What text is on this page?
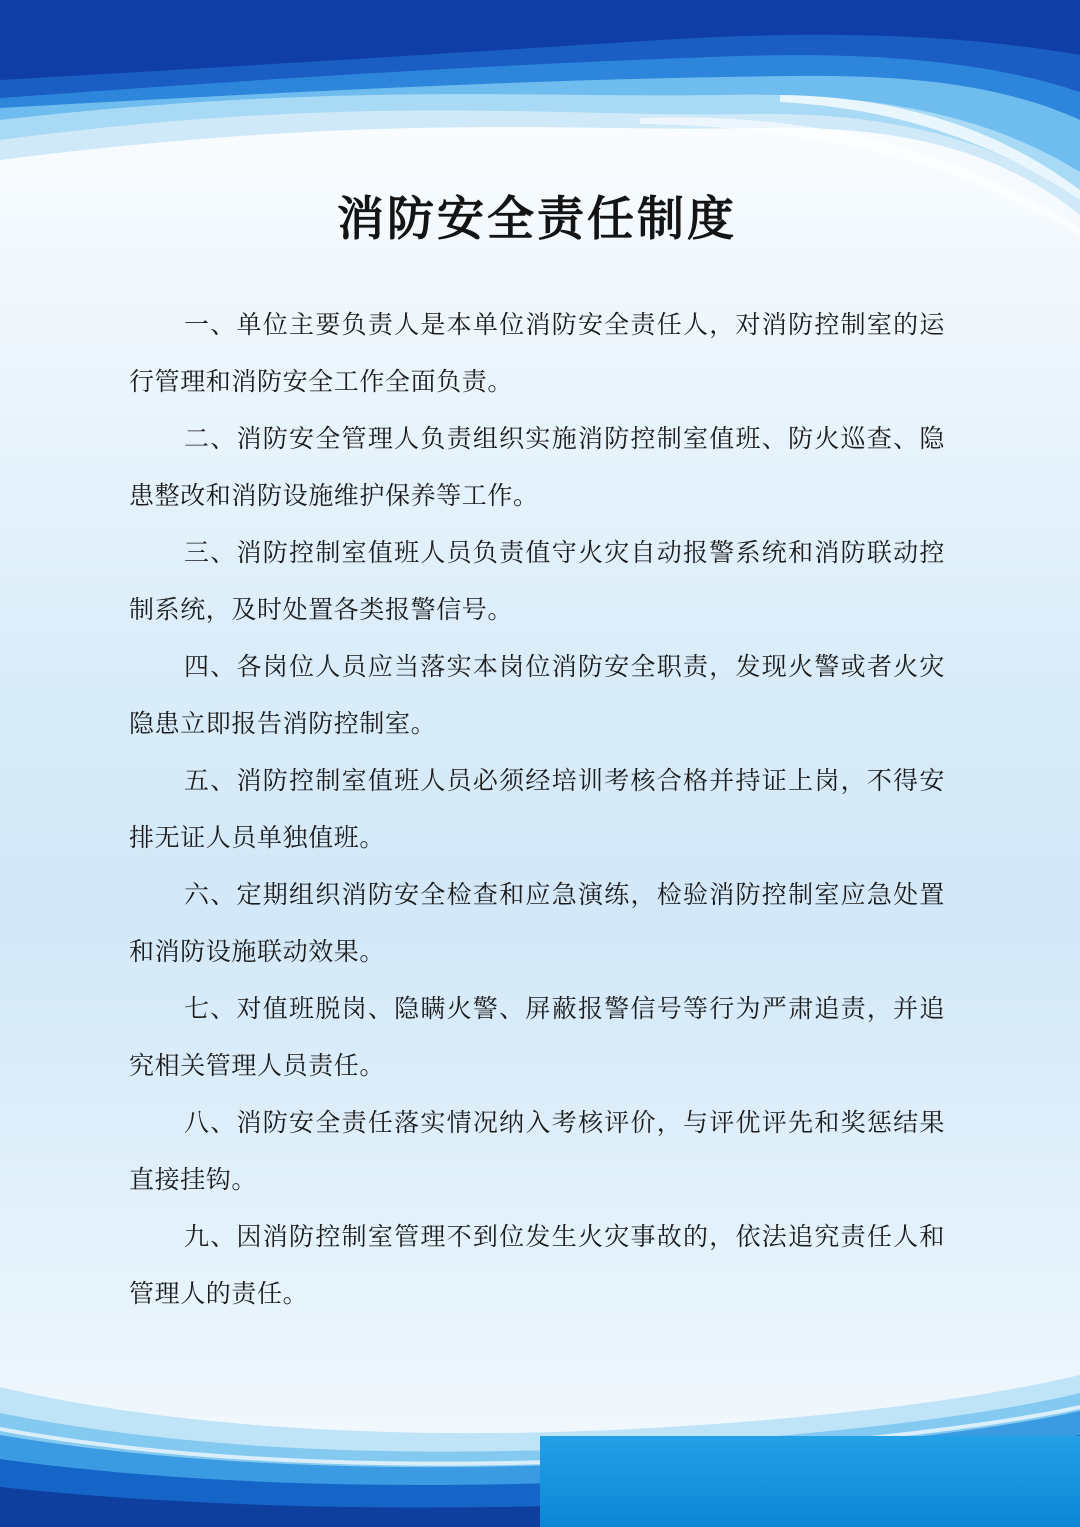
消防安全责任制度

一、单位主要负责人是本单位消防安全责任人，对消防控制室的运行管理和消防安全工作全面负责。

二、消防安全管理人负责组织实施消防控制室值班、防火巡查、隐患整改和消防设施维护保养等工作。

三、消防控制室值班人员负责值守火灾自动报警系统和消防联动控制系统，及时处置各类报警信号。

四、各岗位人员应当落实本岗位消防安全职责，发现火警或者火灾隐患立即报告消防控制室。

五、消防控制室值班人员必须经培训考核合格并持证上岗，不得安排无证人员单独值班。

六、定期组织消防安全检查和应急演练，检验消防控制室应急处置和消防设施联动效果。

七、对值班脱岗、隐瞒火警、屏蔽报警信号等行为严肃追责，并追究相关管理人员责任。

八、消防安全责任落实情况纳入考核评价，与评优评先和奖惩结果直接挂钩。

九、因消防控制室管理不到位发生火灾事故的，依法追究责任人和管理人的责任。
